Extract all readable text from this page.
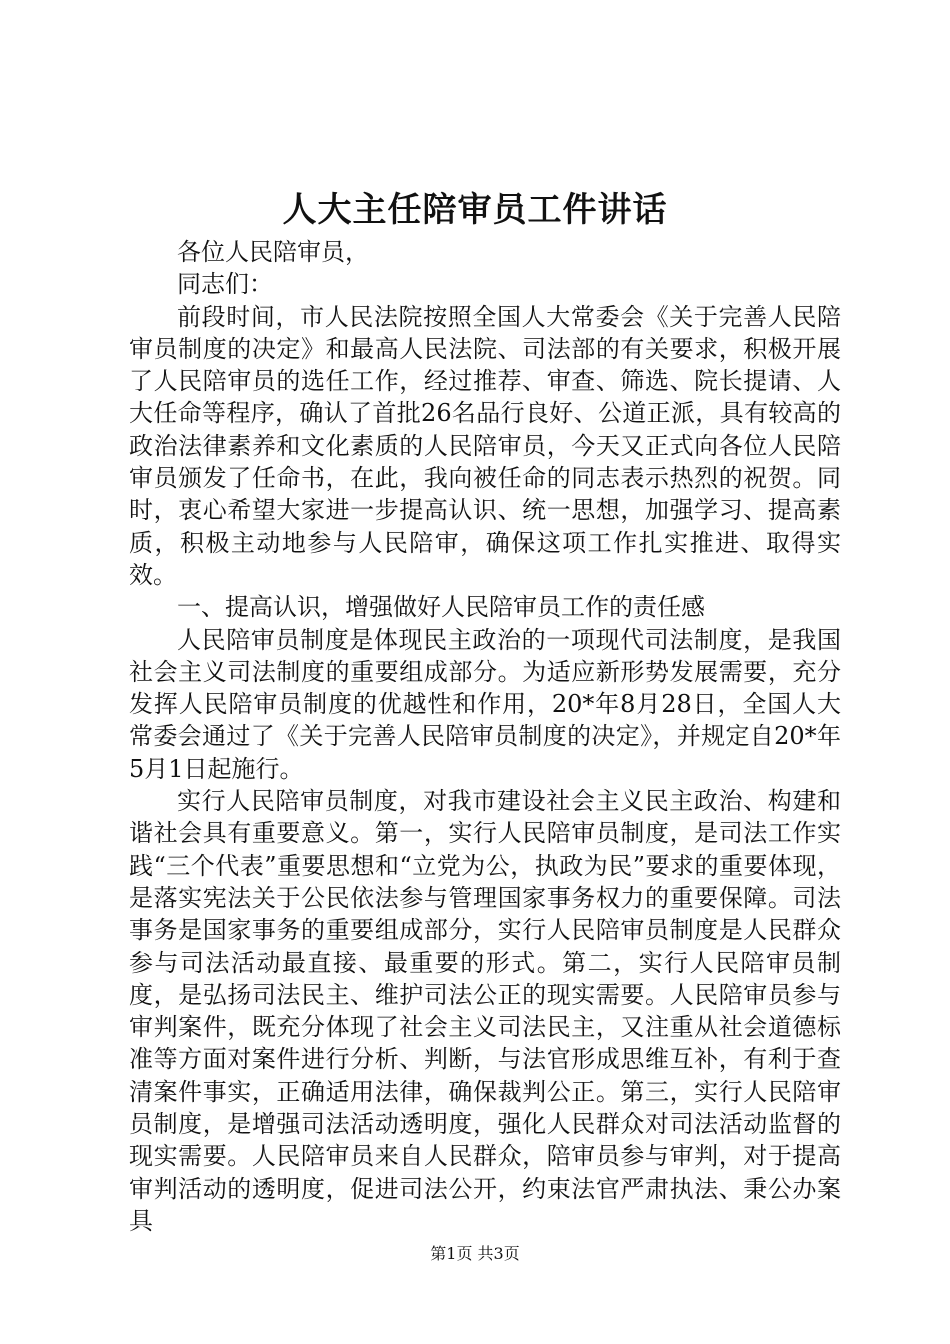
人大主任陪审员工件讲话

各位人民陪审员，

同志们：

前段时间，市人民法院按照全国人大常委会《关于完善人民陪审员制度的决定》和最高人民法院、司法部的有关要求，积极开展了人民陪审员的选任工作，经过推荐、审查、筛选、院长提请、人大任命等程序，确认了首批26名品行良好、公道正派，具有较高的政治法律素养和文化素质的人民陪审员，今天又正式向各位人民陪审员颁发了任命书，在此，我向被任命的同志表示热烈的祝贺。同时，衷心希望大家进一步提高认识、统一思想，加强学习、提高素质，积极主动地参与人民陪审，确保这项工作扎实推进、取得实效。

一、提高认识，增强做好人民陪审员工作的责任感

人民陪审员制度是体现民主政治的一项现代司法制度，是我国社会主义司法制度的重要组成部分。为适应新形势发展需要，充分发挥人民陪审员制度的优越性和作用，20*年8月28日，全国人大常委会通过了《关于完善人民陪审员制度的决定》，并规定自20*年5月1日起施行。

实行人民陪审员制度，对我市建设社会主义民主政治、构建和谐社会具有重要意义。第一，实行人民陪审员制度，是司法工作实践“三个代表”重要思想和“立党为公，执政为民”要求的重要体现，是落实宪法关于公民依法参与管理国家事务权力的重要保障。司法事务是国家事务的重要组成部分，实行人民陪审员制度是人民群众参与司法活动最直接、最重要的形式。第二，实行人民陪审员制度，是弘扬司法民主、维护司法公正的现实需要。人民陪审员参与审判案件，既充分体现了社会主义司法民主，又注重从社会道德标准等方面对案件进行分析、判断，与法官形成思维互补，有利于查清案件事实，正确适用法律，确保裁判公正。第三，实行人民陪审员制度，是增强司法活动透明度，强化人民群众对司法活动监督的现实需要。人民陪审员来自人民群众，陪审员参与审判，对于提高审判活动的透明度，促进司法公开，约束法官严肃执法、秉公办案具

第1页 共3页
